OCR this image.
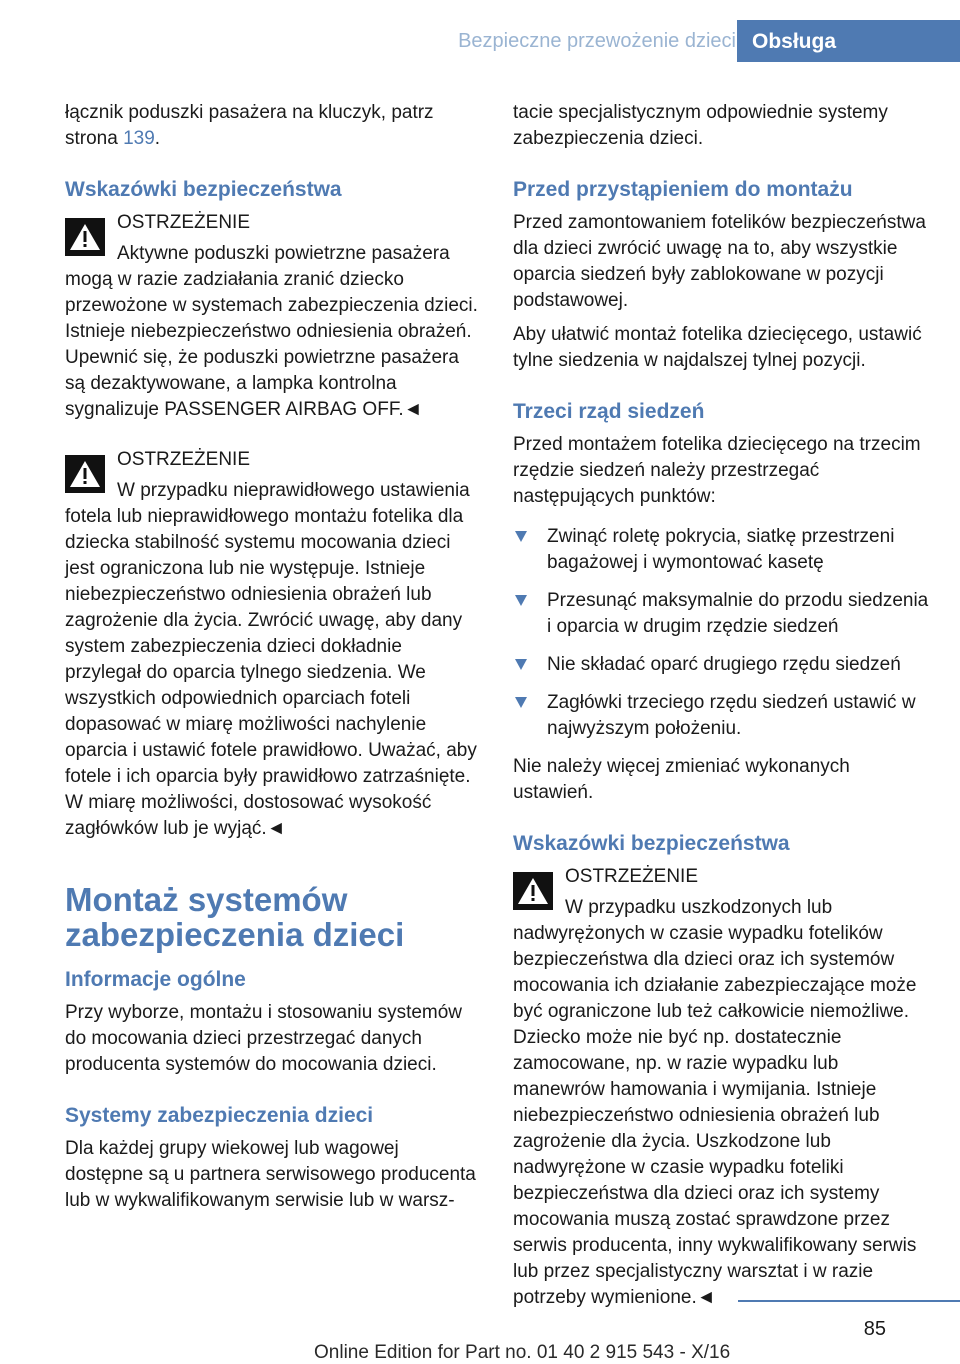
Bezpieczne przewożenie dzieci Obsługa

łącznik poduszki pasażera na kluczyk, patrz strona 139.

Wskazówki bezpieczeństwa
OSTRZEŻENIE
Aktywne poduszki powietrzne pasażera mogą w razie zadziałania zranić dziecko przewożone w systemach zabezpieczenia dzieci. Istnieje niebezpieczeństwo odniesienia obrażeń. Upewnić się, że poduszki powietrzne pasażera są dezaktywowane, a lampka kontrolna sygnalizuje PASSENGER AIRBAG OFF.◄
OSTRZEŻENIE
W przypadku nieprawidłowego ustawienia fotela lub nieprawidłowego montażu fotelika dla dziecka stabilność systemu mocowania dzieci jest ograniczona lub nie występuje. Istnieje niebezpieczeństwo odniesienia obrażeń lub zagrożenie dla życia. Zwrócić uwagę, aby dany system zabezpieczenia dzieci dokładnie przylegał do oparcia tylnego siedzenia. We wszystkich odpowiednich oparciach foteli dopasować w miarę możliwości nachylenie oparcia i ustawić fotele prawidłowo. Uważać, aby fotele i ich oparcia były prawidłowo zatrzaśnięte. W miarę możliwości, dostosować wysokość zagłówków lub je wyjąć.◄
Montaż systemów zabezpieczenia dzieci
Informacje ogólne

Przy wyborze, montażu i stosowaniu systemów do mocowania dzieci przestrzegać danych producenta systemów do mocowania dzieci.

Systemy zabezpieczenia dzieci

Dla każdej grupy wiekowej lub wagowej dostępne są u partnera serwisowego producenta lub w wykwalifikowanym serwisie lub w warsz-

tacie specjalistycznym odpowiednie systemy zabezpieczenia dzieci.

Przed przystąpieniem do montażu

Przed zamontowaniem fotelików bezpieczeństwa dla dzieci zwrócić uwagę na to, aby wszystkie oparcia siedzeń były zablokowane w pozycji podstawowej.

Aby ułatwić montaż fotelika dziecięcego, ustawić tylne siedzenia w najdalszej tylnej pozycji.

Trzeci rząd siedzeń

Przed montażem fotelika dziecięcego na trzecim rzędzie siedzeń należy przestrzegać następujących punktów:

Zwinąć roletę pokrycia, siatkę przestrzeni bagażowej i wymontować kasetę
Przesunąć maksymalnie do przodu siedzenia i oparcia w drugim rzędzie siedzeń
Nie składać oparć drugiego rzędu siedzeń
Zagłówki trzeciego rzędu siedzeń ustawić w najwyższym położeniu.

Nie należy więcej zmieniać wykonanych ustawień.

Wskazówki bezpieczeństwa
OSTRZEŻENIE
W przypadku uszkodzonych lub nadwyrężonych w czasie wypadku fotelików bezpieczeństwa dla dzieci oraz ich systemów mocowania ich działanie zabezpieczające może być ograniczone lub też całkowicie niemożliwe. Dziecko może nie być np. dostatecznie zamocowane, np. w razie wypadku lub manewrów hamowania i wymijania. Istnieje niebezpieczeństwo odniesienia obrażeń lub zagrożenie dla życia. Uszkodzone lub nadwyrężone w czasie wypadku foteliki bezpieczeństwa dla dzieci oraz ich systemy mocowania muszą zostać sprawdzone przez serwis producenta, inny wykwalifikowany serwis lub przez specjalistyczny warsztat i w razie potrzeby wymienione.◄
85
Online Edition for Part no. 01 40 2 915 543 - X/16
